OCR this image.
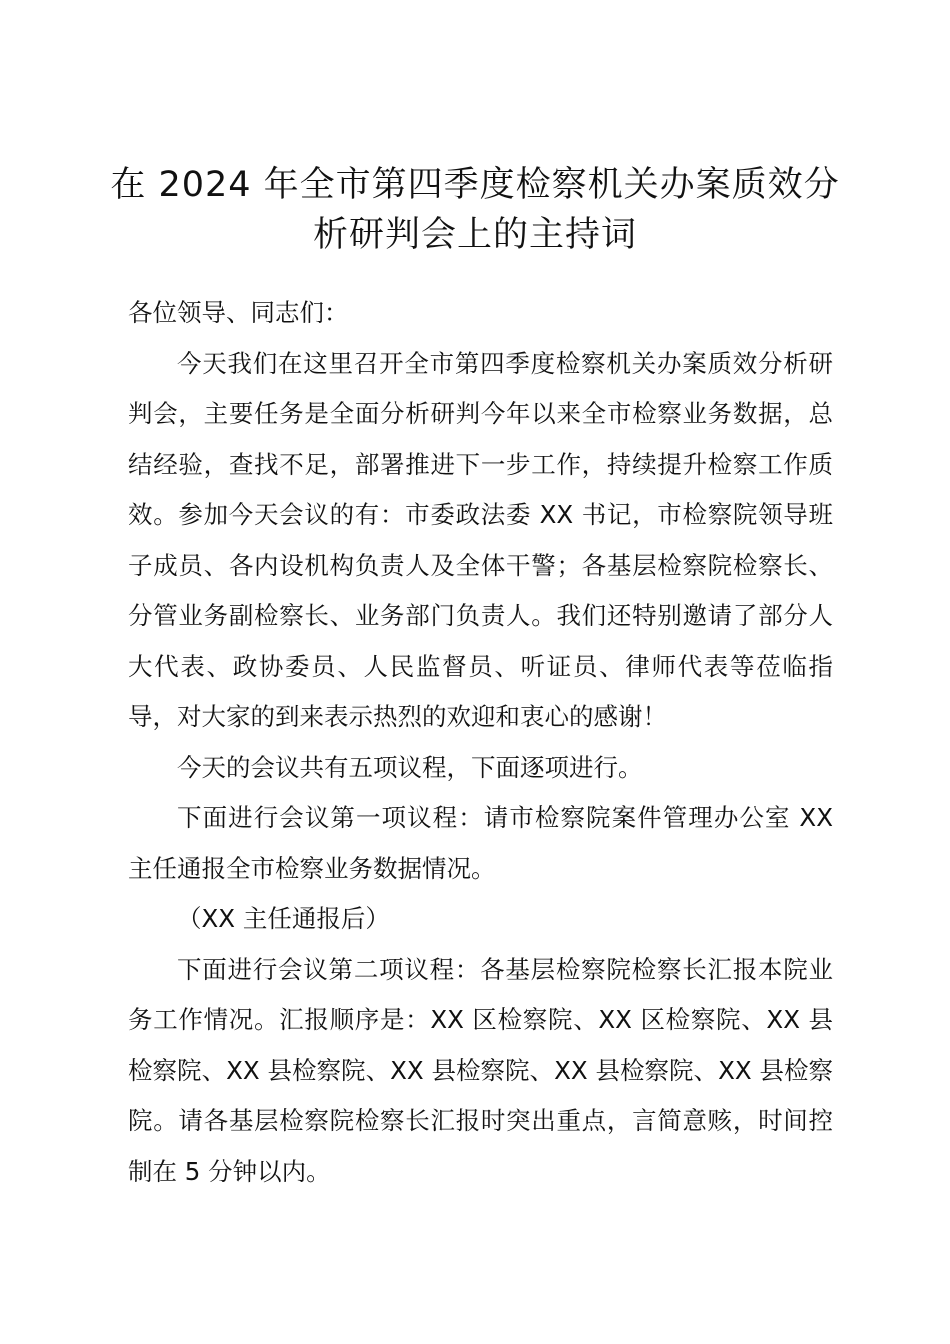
在 2024 年全市第四季度检察机关办案质效分
析研判会上的主持词

各位领导、同志们：

今天我们在这里召开全市第四季度检察机关办案质效分析研判会，主要任务是全面分析研判今年以来全市检察业务数据，总结经验，查找不足，部署推进下一步工作，持续提升检察工作质效。参加今天会议的有：市委政法委 XX 书记，市检察院领导班子成员、各内设机构负责人及全体干警；各基层检察院检察长、分管业务副检察长、业务部门负责人。我们还特别邀请了部分人大代表、政协委员、人民监督员、听证员、律师代表等莅临指导，对大家的到来表示热烈的欢迎和衷心的感谢！

今天的会议共有五项议程，下面逐项进行。

下面进行会议第一项议程：请市检察院案件管理办公室 XX 主任通报全市检察业务数据情况。

（XX 主任通报后）

下面进行会议第二项议程：各基层检察院检察长汇报本院业务工作情况。汇报顺序是：XX 区检察院、XX 区检察院、XX 县检察院、XX 县检察院、XX 县检察院、XX 县检察院、XX 县检察院。请各基层检察院检察长汇报时突出重点，言简意赅，时间控制在 5 分钟以内。
